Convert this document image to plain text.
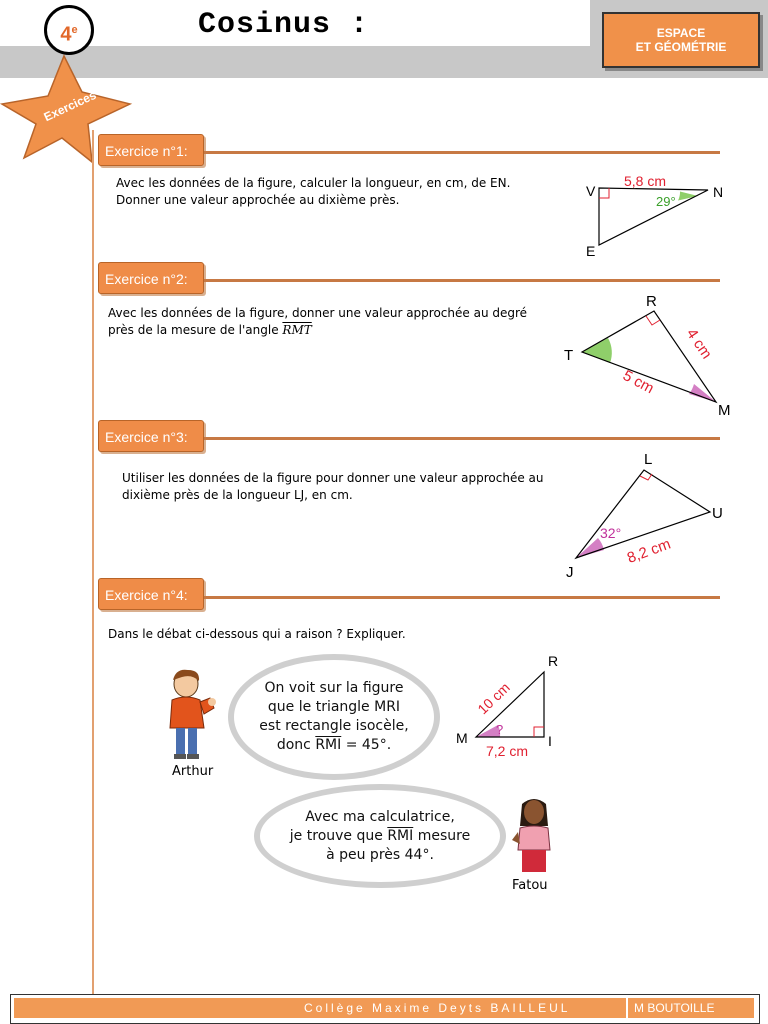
4e	Cosinus :	ESPACE
ET GÉOMÉTRIE
Exercices
Exercice n°1:
Avec les données de la figure, calculer la longueur, en cm, de EN.
Donner une valeur approchée au dixième près.
V	N
E
5,8 cm
29°
Exercice n°2:
Avec les données de la figure, donner une valeur approchée au degré
près de la mesure de l'angle $\overline{RMT}$
R
T
M
4 cm
5 cm
Exercice n°3:
Utiliser les données de la figure pour donner une valeur approchée au
dixième près de la longueur LJ, en cm.
L
U
J
32°
8,2 cm
Exercice n°4:
Dans le débat ci-dessous qui a raison ? Expliquer.
R
M	I
10 cm
7,2 cm
?
Arthur
On voit sur la figure
que le triangle MRI
est rectangle isocèle,
donc $\overline{RMI} = 45^\circ$.
Avec ma calculatrice,
je trouve que $\overline{RMI}$ mesure
à peu près 44°.
Fatou
Collège Maxime Deyts BAILLEUL	M BOUTOILLE
